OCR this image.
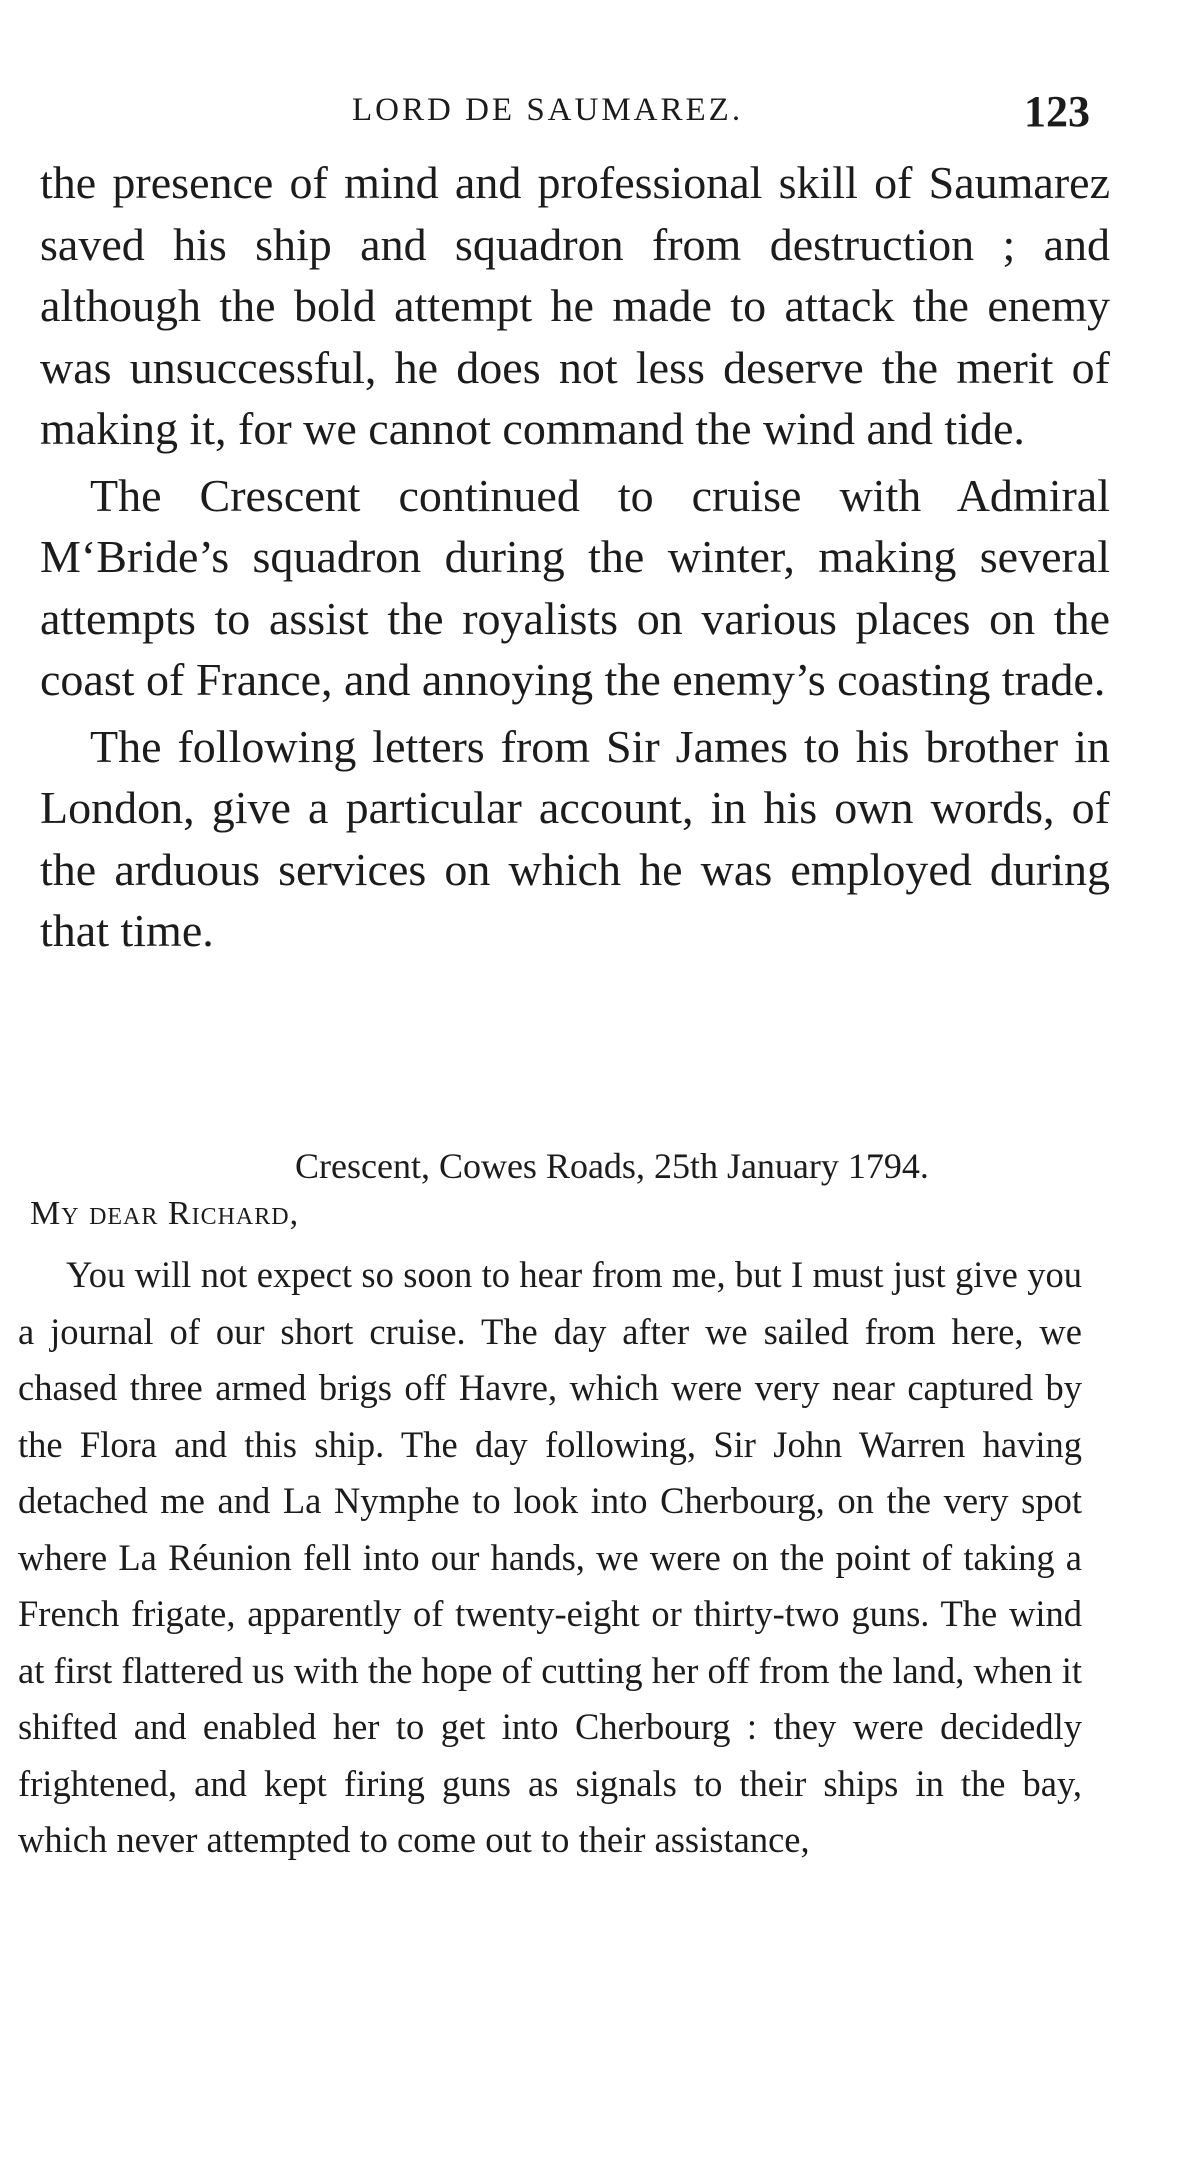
LORD DE SAUMAREZ.	123

the presence of mind and professional skill of Saumarez saved his ship and squadron from destruction ; and although the bold attempt he made to attack the enemy was unsuccessful, he does not less deserve the merit of making it, for we cannot command the wind and tide.

The Crescent continued to cruise with Admiral M‘Bride’s squadron during the winter, making several attempts to assist the royalists on various places on the coast of France, and annoying the enemy’s coasting trade.

The following letters from Sir James to his brother in London, give a particular account, in his own words, of the arduous services on which he was employed during that time.

Crescent, Cowes Roads, 25th January 1794.
My dear Richard,

You will not expect so soon to hear from me, but I must just give you a journal of our short cruise. The day after we sailed from here, we chased three armed brigs off Havre, which were very near captured by the Flora and this ship. The day following, Sir John Warren having detached me and La Nymphe to look into Cherbourg, on the very spot where La Réunion fell into our hands, we were on the point of taking a French frigate, apparently of twenty-eight or thirty-two guns. The wind at first flattered us with the hope of cutting her off from the land, when it shifted and enabled her to get into Cherbourg : they were decidedly frightened, and kept firing guns as signals to their ships in the bay, which never attempted to come out to their assistance,
